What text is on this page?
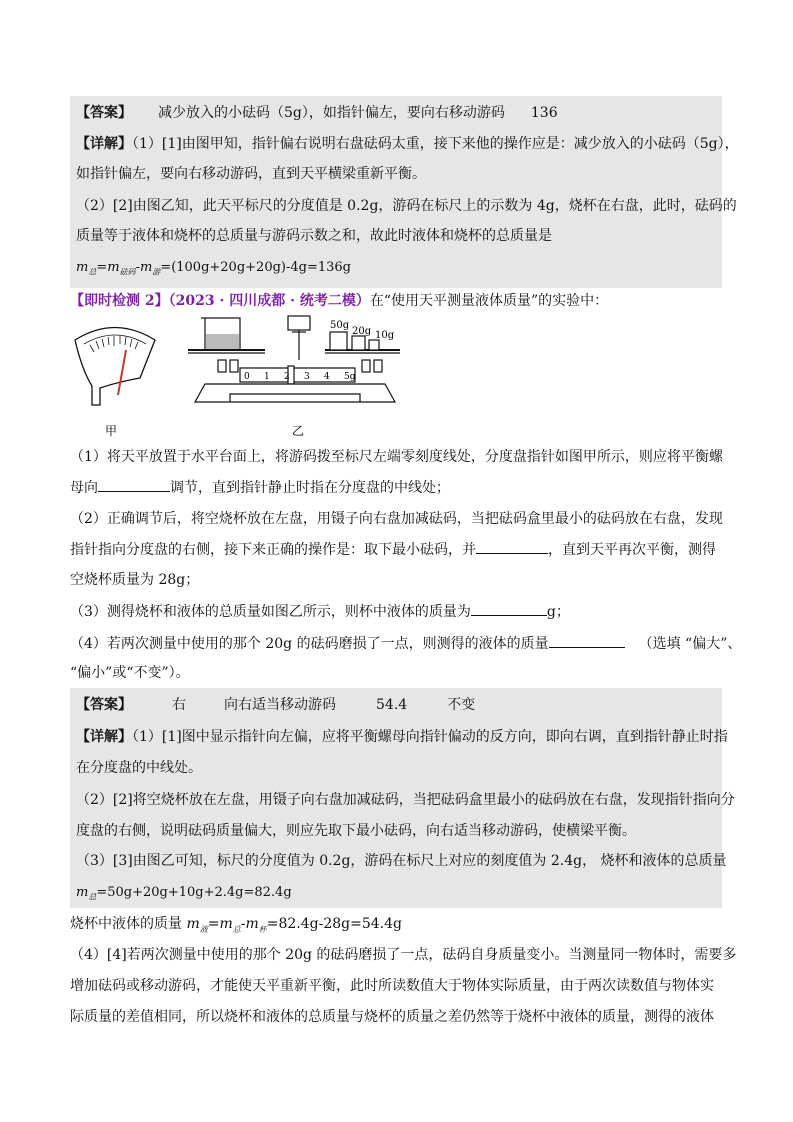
【答案】 减少放入的小砝码（5g），如指针偏左，要向右移动游码 136
【详解】（1）[1]由图甲知，指针偏右说明右盘砝码太重，接下来他的操作应是：减少放入的小砝码（5g），
如指针偏左，要向右移动游码，直到天平横梁重新平衡。
（2）[2]由图乙知，此天平标尺的分度值是 0.2g，游码在标尺上的示数为 4g，烧杯在右盘，此时，砝码的
质量等于液体和烧杯的总质量与游码示数之和，故此时液体和烧杯的总质量是
$m_总=m_{砝码}-m_游=(100g+20g+20g)-4g=136g$
【即时检测 2】（2023 · 四川成都 · 统考二模）在“使用天平测量液体质量”的实验中：
甲
50g
20g 10g
0 1 2 3 4 5g
乙
（1）将天平放置于水平台面上，将游码拨至标尺左端零刻度线处，分度盘指针如图甲所示，则应将平衡螺
母向	调节，直到指针静止时指在分度盘的中线处；
（2）正确调节后，将空烧杯放在左盘，用镊子向右盘加减砝码，当把砝码盒里最小的砝码放在右盘，发现
指针指向分度盘的右侧，接下来正确的操作是：取下最小砝码，并	，直到天平再次平衡，测得
空烧杯质量为 28g；
（3）测得烧杯和液体的总质量如图乙所示，则杯中液体的质量为	g；
（4）若两次测量中使用的那个 20g 的砝码磨损了一点，则测得的液体的质量	（选填 “偏大”、
“偏小”或“不变”）。
【答案】	右	向右适当移动游码	54.4	不变
【详解】（1）[1]图中显示指针向左偏，应将平衡螺母向指针偏动的反方向，即向右调，直到指针静止时指
在分度盘的中线处。
（2）[2]将空烧杯放在左盘，用镊子向右盘加减砝码，当把砝码盒里最小的砝码放在右盘，发现指针指向分
度盘的右侧，说明砝码质量偏大，则应先取下最小砝码，向右适当移动游码，使横梁平衡。
（3）[3]由图乙可知，标尺的分度值为 0.2g，游码在标尺上对应的刻度值为 2.4g， 烧杯和液体的总质量
$m_总=50g+20g+10g+2.4g=82.4g$
烧杯中液体的质量 $m_液=m_总-m_杯=82.4g-28g=54.4g$
（4）[4]若两次测量中使用的那个 20g 的砝码磨损了一点，砝码自身质量变小。当测量同一物体时，需要多
增加砝码或移动游码，才能使天平重新平衡，此时所读数值大于物体实际质量，由于两次读数值与物体实
际质量的差值相同，所以烧杯和液体的总质量与烧杯的质量之差仍然等于烧杯中液体的质量，测得的液体
